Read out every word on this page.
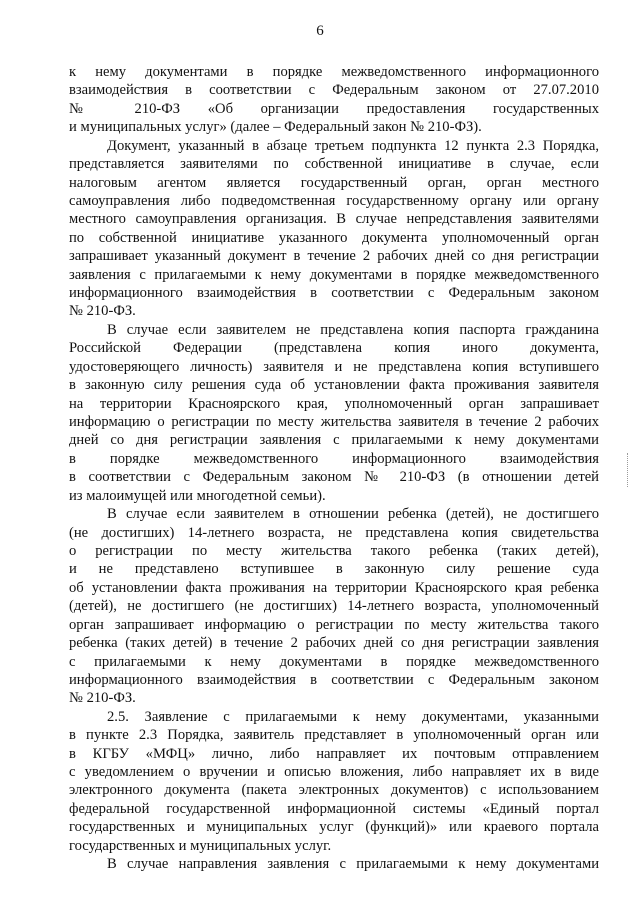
6

к нему документами в порядке межведомственного информационного

взаимодействия в соответствии с Федеральным законом от 27.07.2010

№ 210-ФЗ «Об организации предоставления государственных

и муниципальных услуг» (далее – Федеральный закон № 210-ФЗ).

Документ, указанный в абзаце третьем подпункта 12 пункта 2.3 Порядка,

представляется заявителями по собственной инициативе в случае, если

налоговым агентом является государственный орган, орган местного

самоуправления либо подведомственная государственному органу или органу

местного самоуправления организация. В случае непредставления заявителями

по собственной инициативе указанного документа уполномоченный орган

запрашивает указанный документ в течение 2 рабочих дней со дня регистрации

заявления с прилагаемыми к нему документами в порядке межведомственного

информационного взаимодействия в соответствии с Федеральным законом

№ 210-ФЗ.

В случае если заявителем не представлена копия паспорта гражданина

Российской Федерации (представлена копия иного документа,

удостоверяющего личность) заявителя и не представлена копия вступившего

в законную силу решения суда об установлении факта проживания заявителя

на территории Красноярского края, уполномоченный орган запрашивает

информацию о регистрации по месту жительства заявителя в течение 2 рабочих

дней со дня регистрации заявления с прилагаемыми к нему документами

в порядке межведомственного информационного взаимодействия

в соответствии с Федеральным законом № 210-ФЗ (в отношении детей

из малоимущей или многодетной семьи).

В случае если заявителем в отношении ребенка (детей), не достигшего

(не достигших) 14-летнего возраста, не представлена копия свидетельства

о регистрации по месту жительства такого ребенка (таких детей),

и не представлено вступившее в законную силу решение суда

об установлении факта проживания на территории Красноярского края ребенка

(детей), не достигшего (не достигших) 14-летнего возраста, уполномоченный

орган запрашивает информацию о регистрации по месту жительства такого

ребенка (таких детей) в течение 2 рабочих дней со дня регистрации заявления

с прилагаемыми к нему документами в порядке межведомственного

информационного взаимодействия в соответствии с Федеральным законом

№ 210-ФЗ.

2.5. Заявление с прилагаемыми к нему документами, указанными

в пункте 2.3 Порядка, заявитель представляет в уполномоченный орган или

в КГБУ «МФЦ» лично, либо направляет их почтовым отправлением

с уведомлением о вручении и описью вложения, либо направляет их в виде

электронного документа (пакета электронных документов) с использованием

федеральной государственной информационной системы «Единый портал

государственных и муниципальных услуг (функций)» или краевого портала

государственных и муниципальных услуг.

В случае направления заявления с прилагаемыми к нему документами
